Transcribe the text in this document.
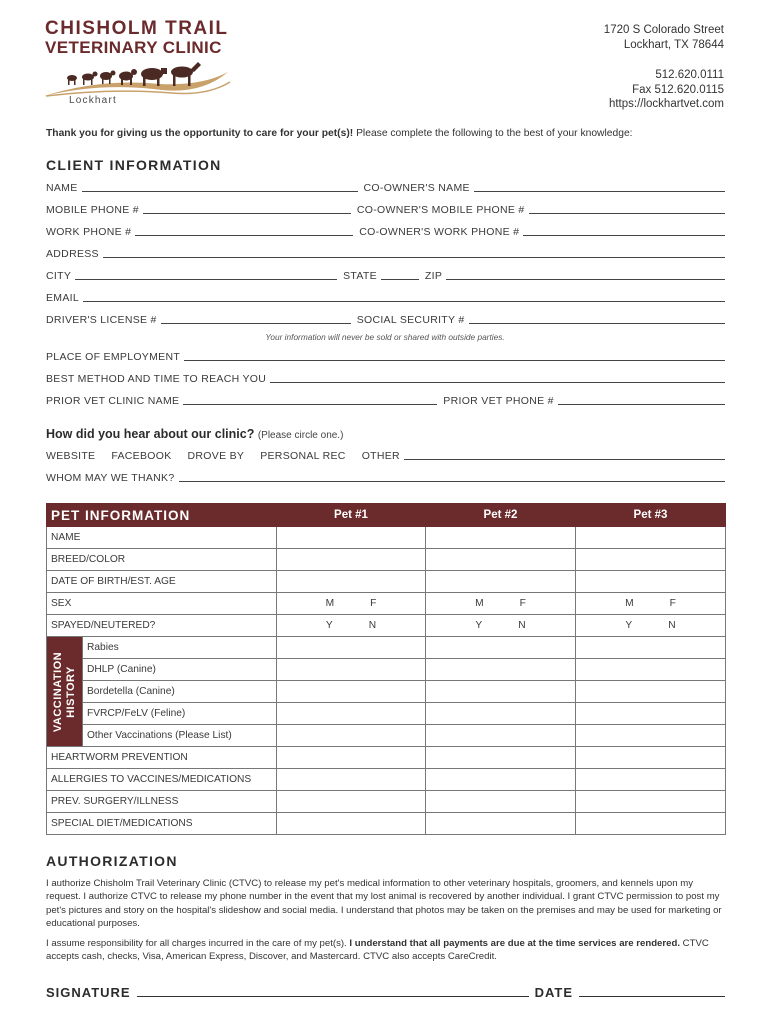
CHISHOLM TRAIL
VETERINARY CLINIC
Lockhart
1720 S Colorado Street
Lockhart, TX 78644
512.620.0111
Fax 512.620.0115
https://lockhartvet.com
Thank you for giving us the opportunity to care for your pet(s)! Please complete the following to the best of your knowledge:
CLIENT INFORMATION
NAME	CO-OWNER'S NAME
MOBILE PHONE #	CO-OWNER'S MOBILE PHONE #
WORK PHONE #	CO-OWNER'S WORK PHONE #
ADDRESS
CITY	STATE	ZIP
EMAIL
DRIVER'S LICENSE #	SOCIAL SECURITY #
Your information will never be sold or shared with outside parties.
PLACE OF EMPLOYMENT
BEST METHOD AND TIME TO REACH YOU
PRIOR VET CLINIC NAME	PRIOR VET PHONE #
How did you hear about our clinic? (Please circle one.)
WEBSITE	FACEBOOK	DROVE BY	PERSONAL REC	OTHER
WHOM MAY WE THANK?
PET INFORMATION		Pet #1	Pet #2	Pet #3
NAME				
BREED/COLOR				
DATE OF BIRTH/EST. AGE				
SEX		M F	M F	M F

SPAYED/NEUTERED?		Y N	Y N	Y N

VACCINATION HISTORY	Rabies			
	DHLP (Canine)			
	Bordetella (Canine)			
	FVRCP/FeLV (Feline)			
	Other Vaccinations (Please List)			
HEARTWORM PREVENTION				
ALLERGIES TO VACCINES/MEDICATIONS				
PREV. SURGERY/ILLNESS				
SPECIAL DIET/MEDICATIONS				
AUTHORIZATION
I authorize Chisholm Trail Veterinary Clinic (CTVC) to release my pet's medical information to other veterinary hospitals, groomers, and kennels upon my request. I authorize CTVC to release my phone number in the event that my lost animal is recovered by another individual. I grant CTVC permission to post my pet's pictures and story on the hospital's slideshow and social media. I understand that photos may be taken on the premises and may be used for marketing or educational purposes.
I assume responsibility for all charges incurred in the care of my pet(s). I understand that all payments are due at the time services are rendered. CTVC accepts cash, checks, Visa, American Express, Discover, and Mastercard. CTVC also accepts CareCredit.
SIGNATURE	DATE
